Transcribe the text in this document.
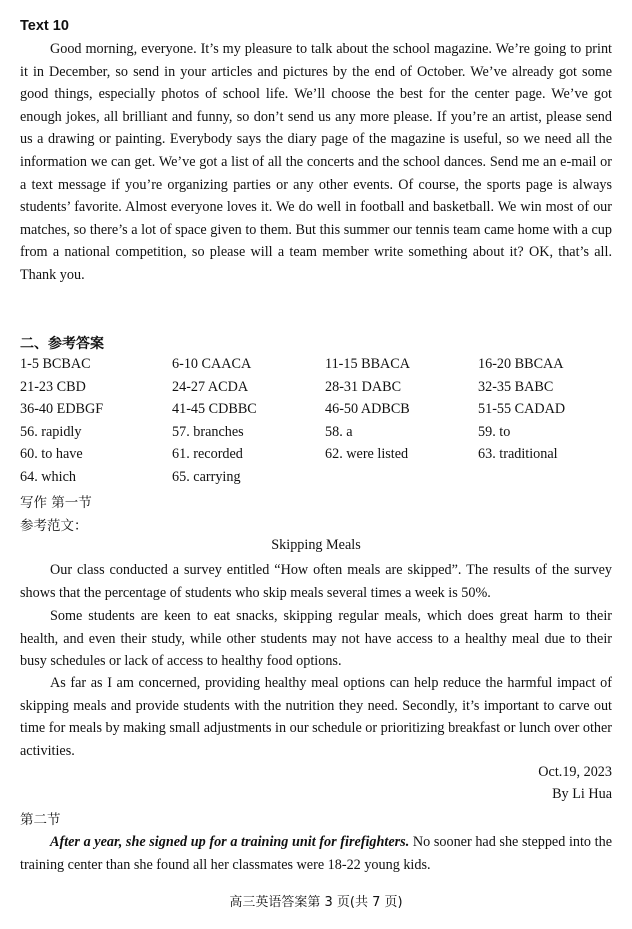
Text 10

Good morning, everyone. It’s my pleasure to talk about the school magazine. We’re going to print it in December, so send in your articles and pictures by the end of October. We’ve already got some good things, especially photos of school life. We’ll choose the best for the center page. We’ve got enough jokes, all brilliant and funny, so don’t send us any more please. If you’re an artist, please send us a drawing or painting. Everybody says the diary page of the magazine is useful, so we need all the information we can get. We’ve got a list of all the concerts and the school dances. Send me an e-mail or a text message if you’re organizing parties or any other events. Of course, the sports page is always students’ favorite. Almost everyone loves it. We do well in football and basketball. We win most of our matches, so there’s a lot of space given to them. But this summer our tennis team came home with a cup from a national competition, so please will a team member write something about it? OK, that’s all. Thank you.

二、参考答案
1-5 BCBAC	6-10 CAACA	11-15 BBACA	16-20 BBCAA
21-23 CBD	24-27 ACDA	28-31 DABC	32-35 BABC
36-40 EDBGF	41-45 CDBBC	46-50 ADBCB	51-55 CADAD
56. rapidly	57. branches	58. a	59. to
60. to have	61. recorded	62. were listed	63. traditional
64. which	65. carrying
写作 第一节
参考范文：
Skipping Meals

Our class conducted a survey entitled “How often meals are skipped”. The results of the survey shows that the percentage of students who skip meals several times a week is 50%.

Some students are keen to eat snacks, skipping regular meals, which does great harm to their health, and even their study, while other students may not have access to a healthy meal due to their busy schedules or lack of access to healthy food options.

As far as I am concerned, providing healthy meal options can help reduce the harmful impact of skipping meals and provide students with the nutrition they need. Secondly, it’s important to carve out time for meals by making small adjustments in our schedule or prioritizing breakfast or lunch over other activities.

Oct.19, 2023
By Li Hua
第二节

After a year, she signed up for a training unit for firefighters. No sooner had she stepped into the training center than she found all her classmates were 18-22 young kids.

高三英语答案第 3 页(共 7 页)
